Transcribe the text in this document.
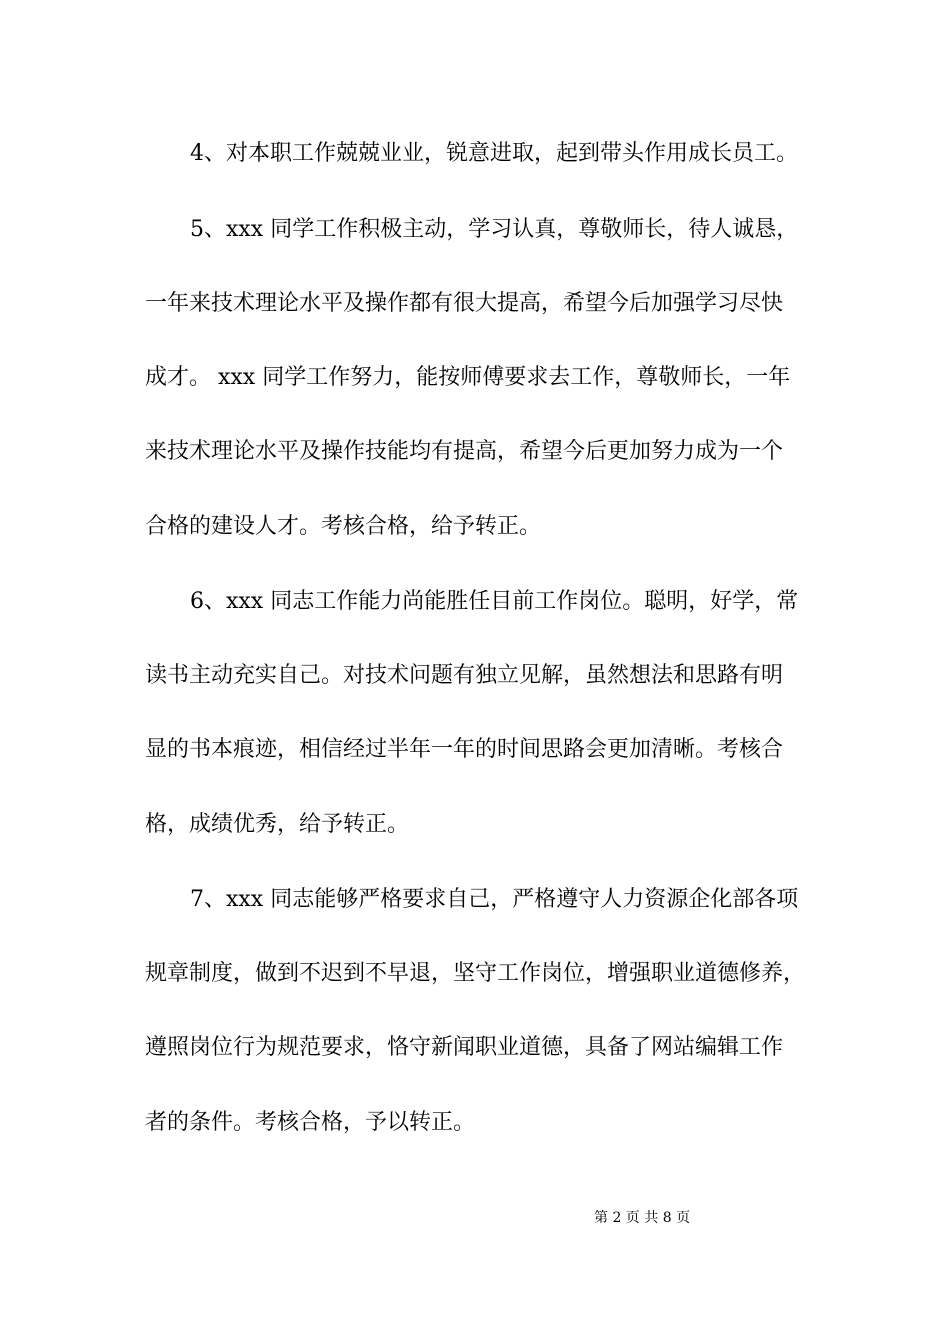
4、对本职工作兢兢业业，锐意进取，起到带头作用成长员工。
5、xxx 同学工作积极主动，学习认真，尊敬师长，待人诚恳，
一年来技术理论水平及操作都有很大提高，希望今后加强学习尽快
成才。 xxx 同学工作努力，能按师傅要求去工作，尊敬师长，一年
来技术理论水平及操作技能均有提高，希望今后更加努力成为一个
合格的建设人才。考核合格，给予转正。
6、xxx 同志工作能力尚能胜任目前工作岗位。聪明，好学，常
读书主动充实自己。对技术问题有独立见解，虽然想法和思路有明
显的书本痕迹，相信经过半年一年的时间思路会更加清晰。考核合
格，成绩优秀，给予转正。
7、xxx 同志能够严格要求自己，严格遵守人力资源企化部各项
规章制度，做到不迟到不早退，坚守工作岗位，增强职业道德修养，
遵照岗位行为规范要求，恪守新闻职业道德，具备了网站编辑工作
者的条件。考核合格，予以转正。
第 2 页 共 8 页
